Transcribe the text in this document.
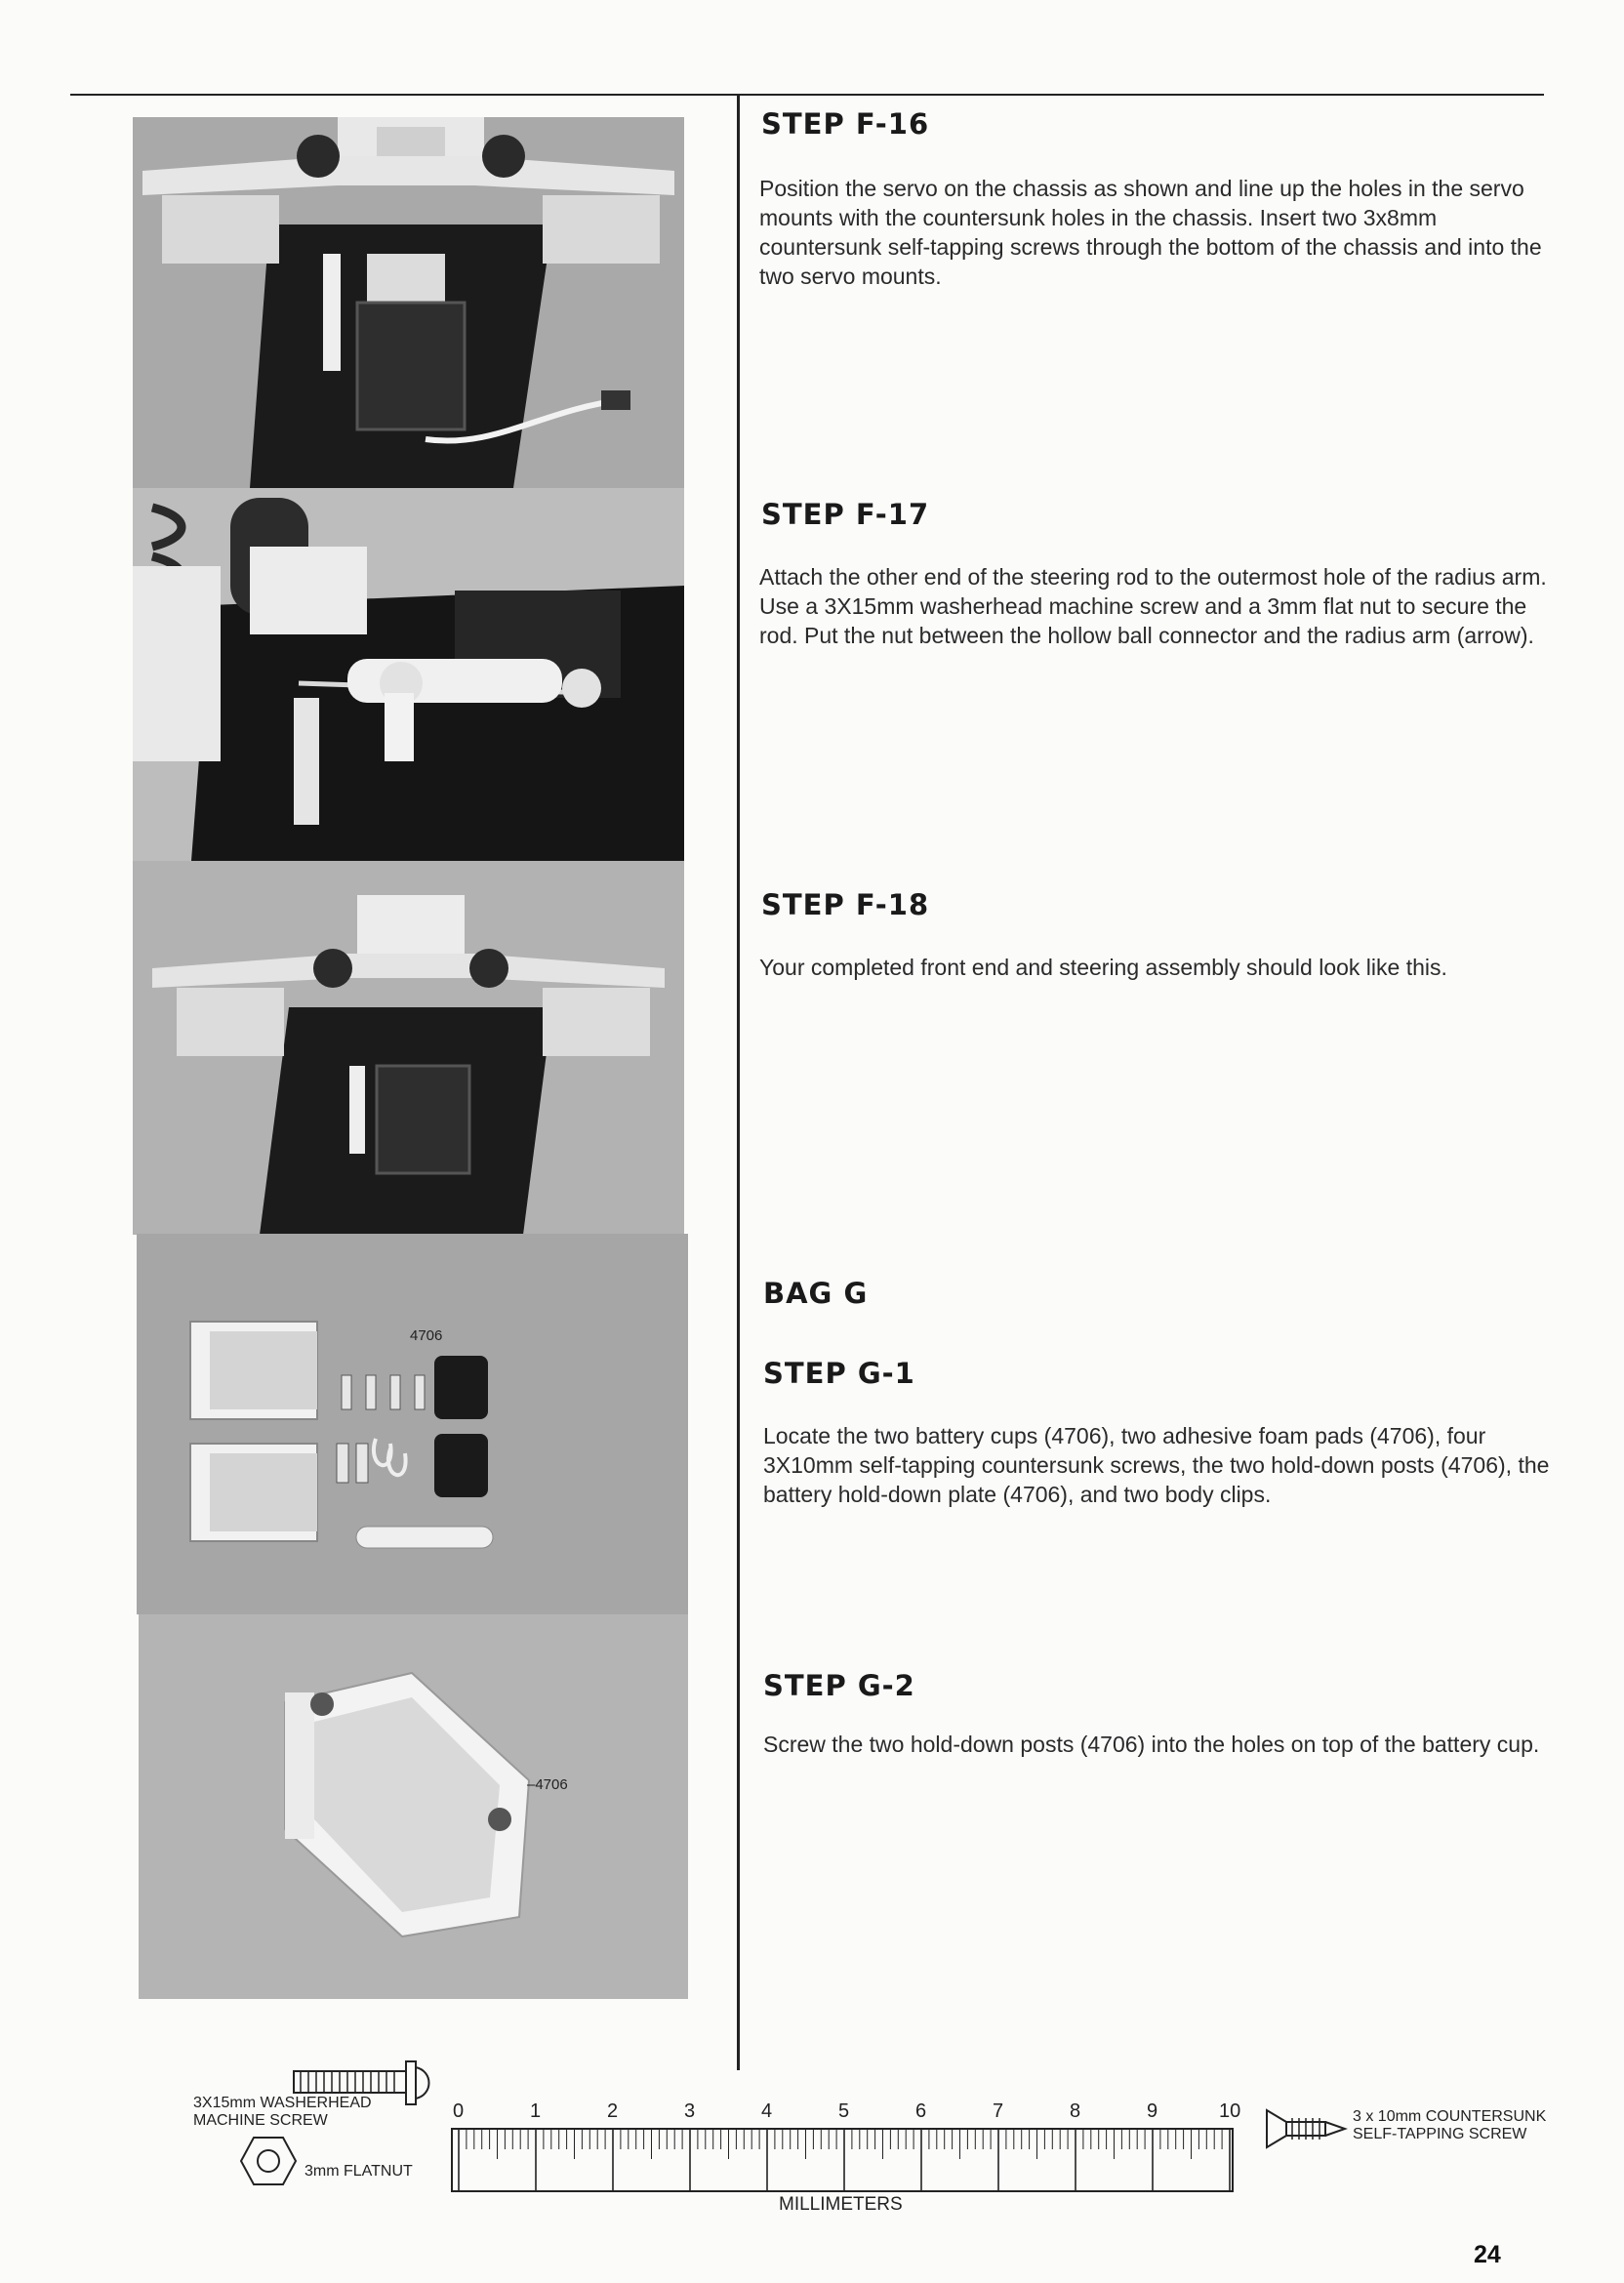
4706
–4706
STEP F-16
Position the servo on the chassis as shown and line up the holes in the servo mounts with the countersunk holes in the chassis. Insert two 3x8mm countersunk self-tapping screws through the bottom of the chassis and into the two servo mounts.
STEP F-17
Attach the other end of the steering rod to the outermost hole of the radius arm. Use a 3X15mm washerhead machine screw and a 3mm flat nut to secure the rod. Put the nut between the hollow ball connector and the radius arm (arrow).
STEP F-18
Your completed front end and steering assembly should look like this.
BAG G
STEP G-1
Locate the two battery cups (4706), two adhesive foam pads (4706), four 3X10mm self-tapping countersunk screws, the two hold-down posts (4706), the battery hold-down plate (4706), and two body clips.
STEP G-2
Screw the two hold-down posts (4706) into the holes on top of the battery cup.
3X15mm WASHERHEAD
MACHINE SCREW
3mm FLATNUT
0	1	2	3	4	5	6	7	8	9	10
MILLIMETERS
3 x 10mm COUNTERSUNK
SELF-TAPPING SCREW
24
